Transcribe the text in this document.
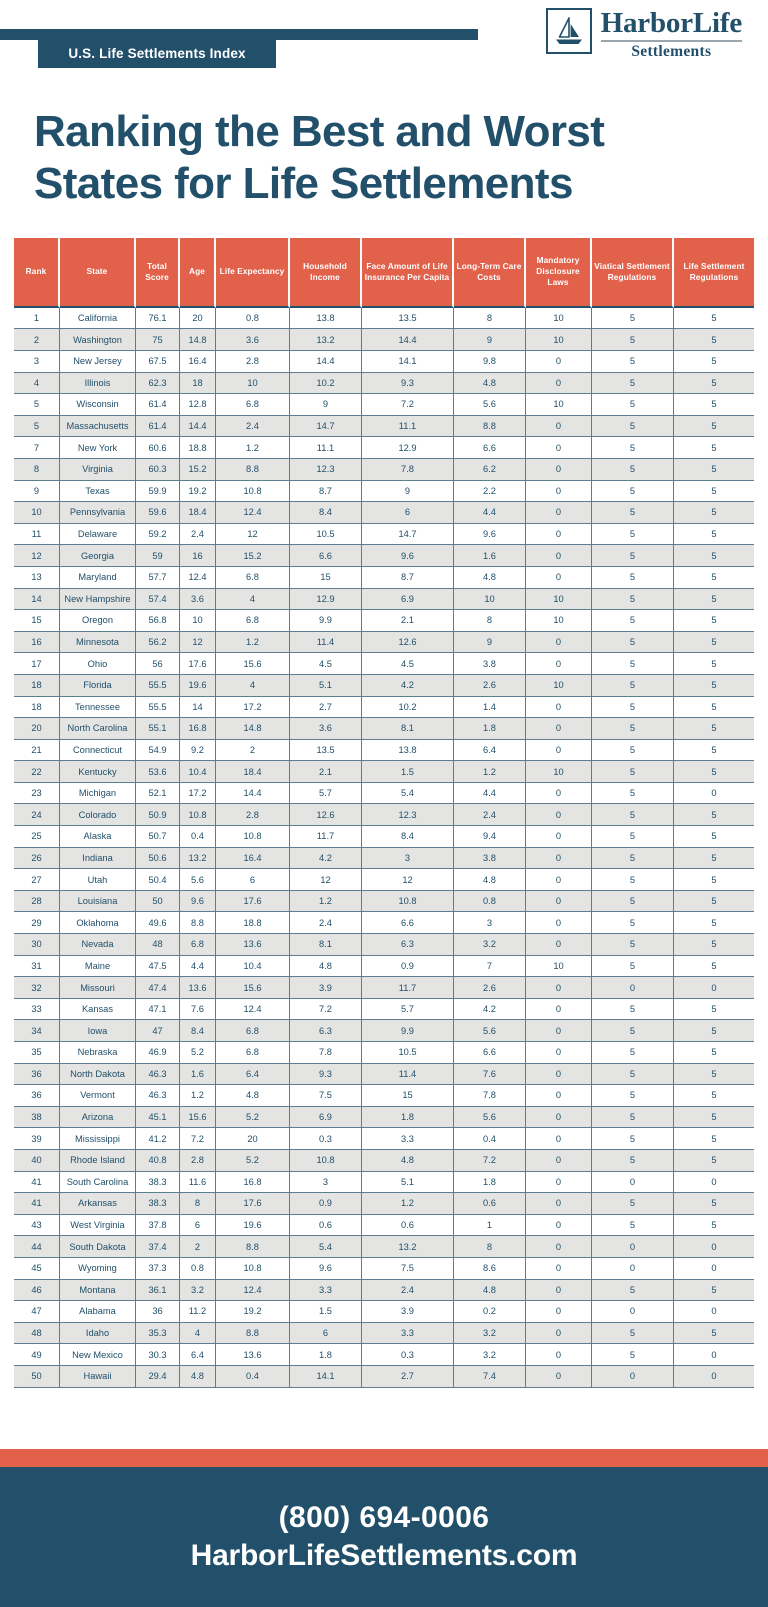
U.S. Life Settlements Index
HarborLife
Settlements
Ranking the Best and Worst
States for Life Settlements
Rank	State	Total Score	Age	Life Expectancy	Household Income	Face Amount of Life Insurance Per Capita	Long-Term Care Costs	Mandatory Disclosure Laws	Viatical Settlement Regulations	Life Settlement Regulations
1	California	76.1	20	0.8	13.8	13.5	8	10	5	5
2	Washington	75	14.8	3.6	13.2	14.4	9	10	5	5
3	New Jersey	67.5	16.4	2.8	14.4	14.1	9.8	0	5	5
4	Illinois	62.3	18	10	10.2	9.3	4.8	0	5	5
5	Wisconsin	61.4	12.8	6.8	9	7.2	5.6	10	5	5
5	Massachusetts	61.4	14.4	2.4	14.7	11.1	8.8	0	5	5
7	New York	60.6	18.8	1.2	11.1	12.9	6.6	0	5	5
8	Virginia	60.3	15.2	8.8	12.3	7.8	6.2	0	5	5
9	Texas	59.9	19.2	10.8	8.7	9	2.2	0	5	5
10	Pennsylvania	59.6	18.4	12.4	8.4	6	4.4	0	5	5
11	Delaware	59.2	2.4	12	10.5	14.7	9.6	0	5	5
12	Georgia	59	16	15.2	6.6	9.6	1.6	0	5	5
13	Maryland	57.7	12.4	6.8	15	8.7	4.8	0	5	5
14	New Hampshire	57.4	3.6	4	12.9	6.9	10	10	5	5
15	Oregon	56.8	10	6.8	9.9	2.1	8	10	5	5
16	Minnesota	56.2	12	1.2	11.4	12.6	9	0	5	5
17	Ohio	56	17.6	15.6	4.5	4.5	3.8	0	5	5
18	Florida	55.5	19.6	4	5.1	4.2	2.6	10	5	5
18	Tennessee	55.5	14	17.2	2.7	10.2	1.4	0	5	5
20	North Carolina	55.1	16.8	14.8	3.6	8.1	1.8	0	5	5
21	Connecticut	54.9	9.2	2	13.5	13.8	6.4	0	5	5
22	Kentucky	53.6	10.4	18.4	2.1	1.5	1.2	10	5	5
23	Michigan	52.1	17.2	14.4	5.7	5.4	4.4	0	5	0
24	Colorado	50.9	10.8	2.8	12.6	12.3	2.4	0	5	5
25	Alaska	50.7	0.4	10.8	11.7	8.4	9.4	0	5	5
26	Indiana	50.6	13.2	16.4	4.2	3	3.8	0	5	5
27	Utah	50.4	5.6	6	12	12	4.8	0	5	5
28	Louisiana	50	9.6	17.6	1.2	10.8	0.8	0	5	5
29	Oklahoma	49.6	8.8	18.8	2.4	6.6	3	0	5	5
30	Nevada	48	6.8	13.6	8.1	6.3	3.2	0	5	5
31	Maine	47.5	4.4	10.4	4.8	0.9	7	10	5	5
32	Missouri	47.4	13.6	15.6	3.9	11.7	2.6	0	0	0
33	Kansas	47.1	7.6	12.4	7.2	5.7	4.2	0	5	5
34	Iowa	47	8.4	6.8	6.3	9.9	5.6	0	5	5
35	Nebraska	46.9	5.2	6.8	7.8	10.5	6.6	0	5	5
36	North Dakota	46.3	1.6	6.4	9.3	11.4	7.6	0	5	5
36	Vermont	46.3	1.2	4.8	7.5	15	7.8	0	5	5
38	Arizona	45.1	15.6	5.2	6.9	1.8	5.6	0	5	5
39	Mississippi	41.2	7.2	20	0.3	3.3	0.4	0	5	5
40	Rhode Island	40.8	2.8	5.2	10.8	4.8	7.2	0	5	5
41	South Carolina	38.3	11.6	16.8	3	5.1	1.8	0	0	0
41	Arkansas	38.3	8	17.6	0.9	1.2	0.6	0	5	5
43	West Virginia	37.8	6	19.6	0.6	0.6	1	0	5	5
44	South Dakota	37.4	2	8.8	5.4	13.2	8	0	0	0
45	Wyoming	37.3	0.8	10.8	9.6	7.5	8.6	0	0	0
46	Montana	36.1	3.2	12.4	3.3	2.4	4.8	0	5	5
47	Alabama	36	11.2	19.2	1.5	3.9	0.2	0	0	0
48	Idaho	35.3	4	8.8	6	3.3	3.2	0	5	5
49	New Mexico	30.3	6.4	13.6	1.8	0.3	3.2	0	5	0
50	Hawaii	29.4	4.8	0.4	14.1	2.7	7.4	0	0	0
(800) 694-0006
HarborLifeSettlements.com
